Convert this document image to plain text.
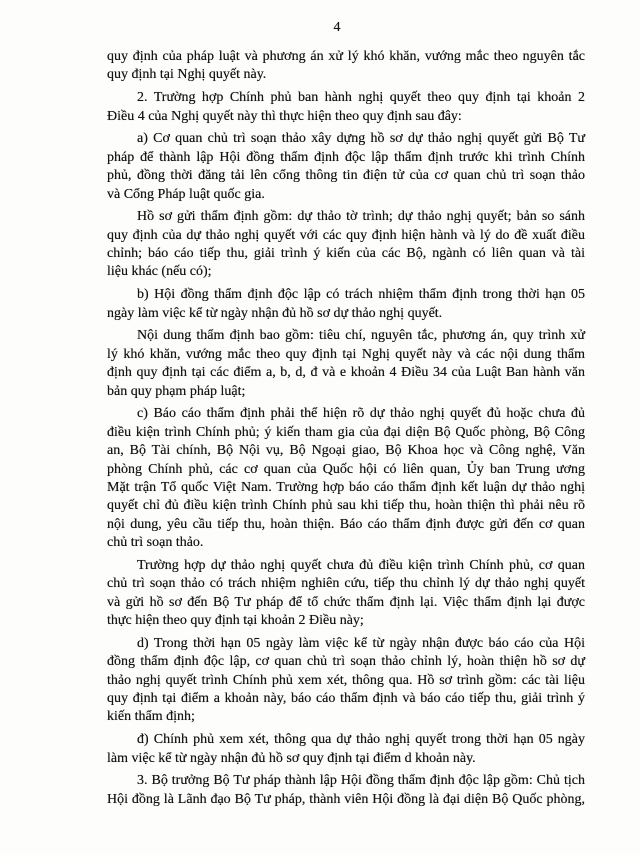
4
quy định của pháp luật và phương án xử lý khó khăn, vướng mắc theo nguyên tắc
quy định tại Nghị quyết này.
2. Trường hợp Chính phủ ban hành nghị quyết theo quy định tại khoản 2
Điều 4 của Nghị quyết này thì thực hiện theo quy định sau đây:
a) Cơ quan chủ trì soạn thảo xây dựng hồ sơ dự thảo nghị quyết gửi Bộ Tư
pháp để thành lập Hội đồng thẩm định độc lập thẩm định trước khi trình Chính
phủ, đồng thời đăng tải lên cổng thông tin điện tử của cơ quan chủ trì soạn thảo
và Cổng Pháp luật quốc gia.
Hồ sơ gửi thẩm định gồm: dự thảo tờ trình; dự thảo nghị quyết; bản so sánh
quy định của dự thảo nghị quyết với các quy định hiện hành và lý do đề xuất điều
chỉnh; báo cáo tiếp thu, giải trình ý kiến của các Bộ, ngành có liên quan và tài
liệu khác (nếu có);
b) Hội đồng thẩm định độc lập có trách nhiệm thẩm định trong thời hạn 05
ngày làm việc kể từ ngày nhận đủ hồ sơ dự thảo nghị quyết.
Nội dung thẩm định bao gồm: tiêu chí, nguyên tắc, phương án, quy trình xử
lý khó khăn, vướng mắc theo quy định tại Nghị quyết này và các nội dung thẩm
định quy định tại các điểm a, b, d, đ và e khoản 4 Điều 34 của Luật Ban hành văn
bản quy phạm pháp luật;
c) Báo cáo thẩm định phải thể hiện rõ dự thảo nghị quyết đủ hoặc chưa đủ
điều kiện trình Chính phủ; ý kiến tham gia của đại diện Bộ Quốc phòng, Bộ Công
an, Bộ Tài chính, Bộ Nội vụ, Bộ Ngoại giao, Bộ Khoa học và Công nghệ, Văn
phòng Chính phủ, các cơ quan của Quốc hội có liên quan, Ủy ban Trung ương
Mặt trận Tổ quốc Việt Nam. Trường hợp báo cáo thẩm định kết luận dự thảo nghị
quyết chỉ đủ điều kiện trình Chính phủ sau khi tiếp thu, hoàn thiện thì phải nêu rõ
nội dung, yêu cầu tiếp thu, hoàn thiện. Báo cáo thẩm định được gửi đến cơ quan
chủ trì soạn thảo.
Trường hợp dự thảo nghị quyết chưa đủ điều kiện trình Chính phủ, cơ quan
chủ trì soạn thảo có trách nhiệm nghiên cứu, tiếp thu chỉnh lý dự thảo nghị quyết
và gửi hồ sơ đến Bộ Tư pháp để tổ chức thẩm định lại. Việc thẩm định lại được
thực hiện theo quy định tại khoản 2 Điều này;
d) Trong thời hạn 05 ngày làm việc kể từ ngày nhận được báo cáo của Hội
đồng thẩm định độc lập, cơ quan chủ trì soạn thảo chỉnh lý, hoàn thiện hồ sơ dự
thảo nghị quyết trình Chính phủ xem xét, thông qua. Hồ sơ trình gồm: các tài liệu
quy định tại điểm a khoản này, báo cáo thẩm định và báo cáo tiếp thu, giải trình ý
kiến thẩm định;
đ) Chính phủ xem xét, thông qua dự thảo nghị quyết trong thời hạn 05 ngày
làm việc kể từ ngày nhận đủ hồ sơ quy định tại điểm d khoản này.
3. Bộ trưởng Bộ Tư pháp thành lập Hội đồng thẩm định độc lập gồm: Chủ tịch
Hội đồng là Lãnh đạo Bộ Tư pháp, thành viên Hội đồng là đại diện Bộ Quốc phòng,
